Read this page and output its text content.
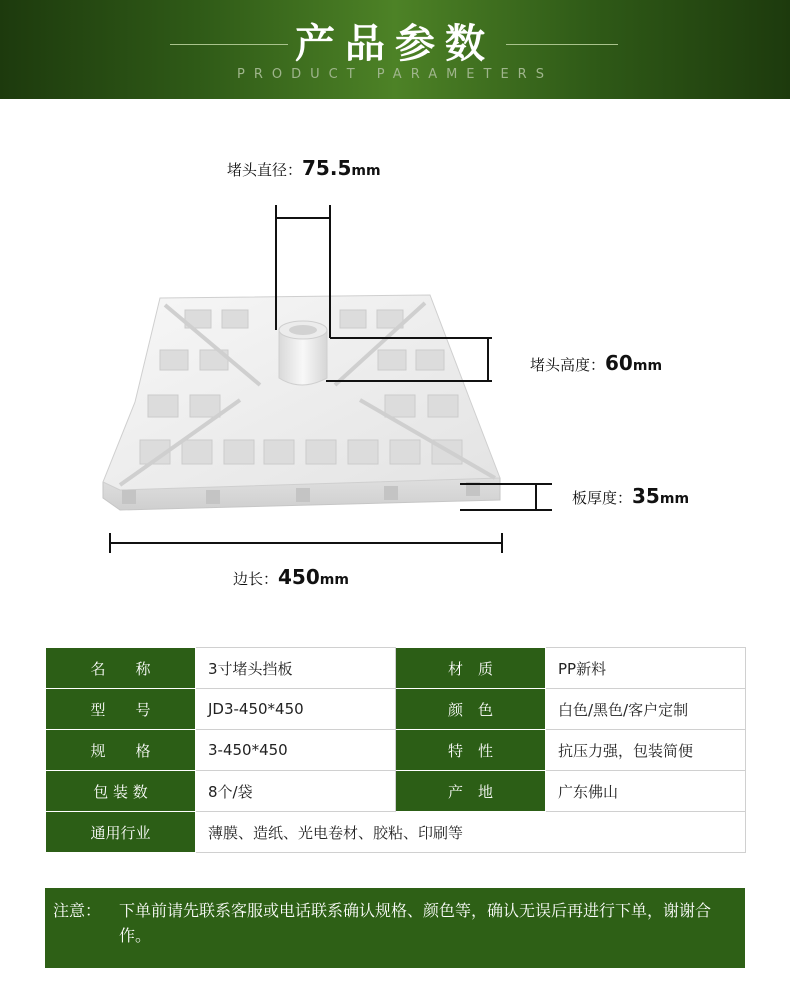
产品参数
PRODUCT PARAMETERS
堵头直径：75.5mm
堵头高度：60mm
板厚度：35mm
边长：450mm
名　　称	3寸堵头挡板	材　质	PP新料
型　　号	JD3-450*450	颜　色	白色/黑色/客户定制
规　　格	3-450*450	特　性	抗压力强，包装简便
包 装 数	8个/袋	产　地	广东佛山
通用行业	薄膜、造纸、光电卷材、胶粘、印刷等		
注意： 下单前请先联系客服或电话联系确认规格、颜色等，确认无误后再进行下单，谢谢合作。
